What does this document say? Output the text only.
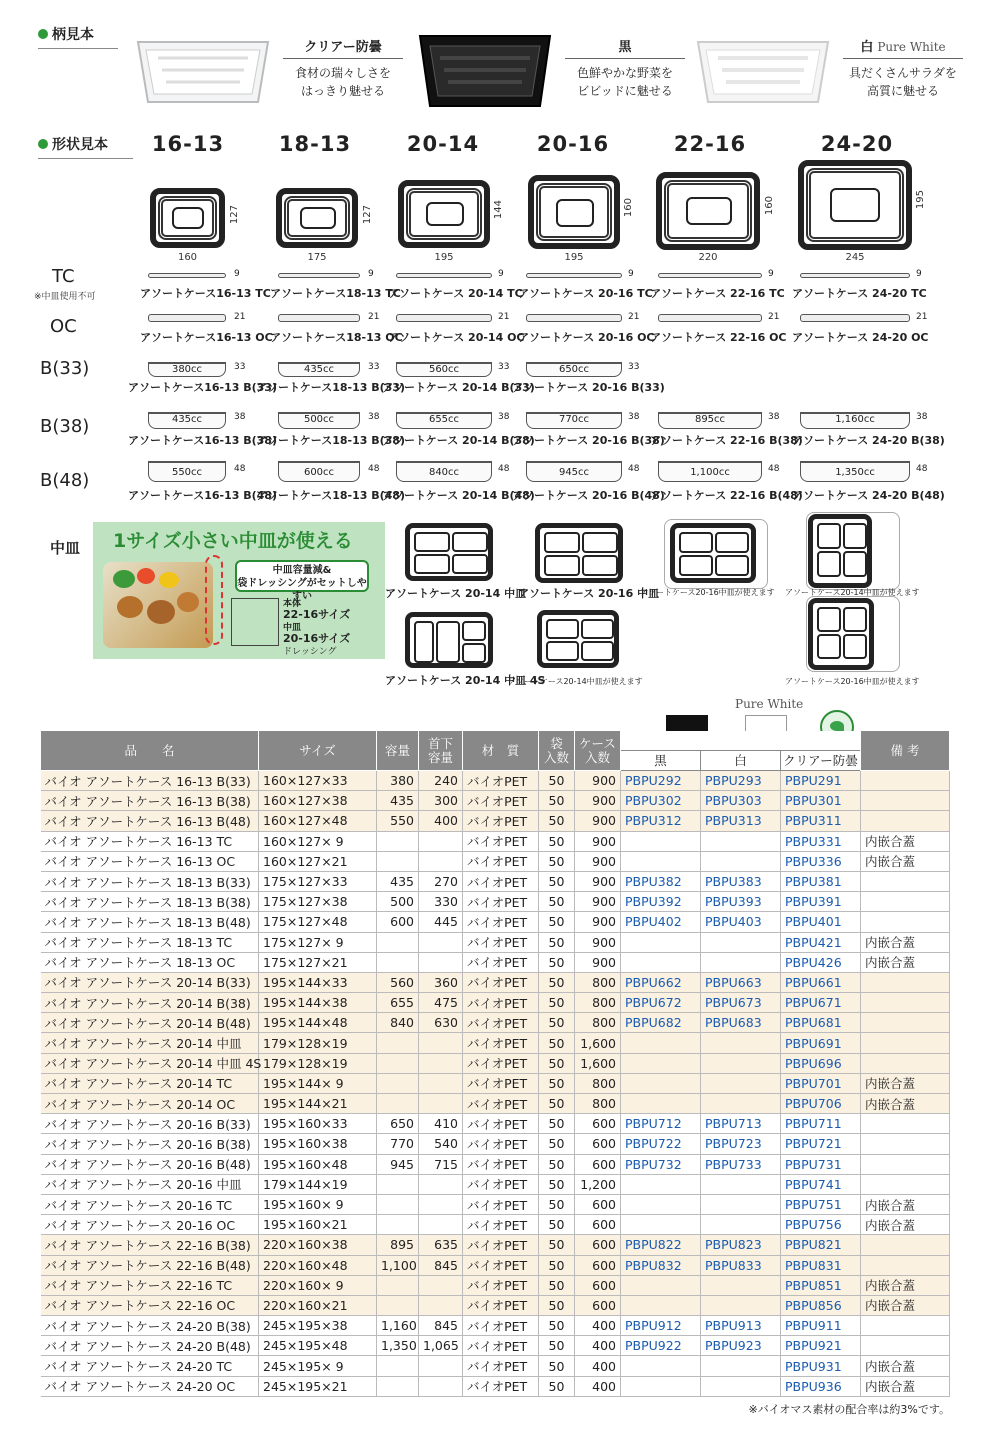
柄見本
形状見本
クリアー防曇
食材の瑞々しさを
はっきり魅せる
黒
色鮮やかな野菜を
ビビッドに魅せる
白 Pure White
具だくさんサラダを
高質に魅せる
16-13	18-13	20-14	20-16	22-16	24-20
160
127
175
127
195
144
195
160
220
160
245
195
TC
※中皿使用不可
OC
B(33)
B(38)
B(48)
9
アソートケース16-13 TC
9
アソートケース18-13 TC
9
アソートケース 20-14 TC
9
アソートケース 20-16 TC
9
アソートケース 22-16 TC
9
アソートケース 24-20 TC
21
アソートケース16-13 OC
21
アソートケース18-13 OC
21
アソートケース 20-14 OC
21
アソートケース 20-16 OC
21
アソートケース 22-16 OC
21
アソートケース 24-20 OC
380cc	33
アソートケース16-13 B(33)
435cc	33
アソートケース18-13 B(33)
560cc	33
アソートケース 20-14 B(33)
650cc	33
アソートケース 20-16 B(33)
435cc	38
アソートケース16-13 B(38)
500cc	38
アソートケース18-13 B(38)
655cc	38
アソートケース 20-14 B(38)
770cc	38
アソートケース 20-16 B(38)
895cc	38
アソートケース 22-16 B(38)
1,160cc	38
アソートケース 24-20 B(38)
550cc	48
アソートケース16-13 B(48)
600cc	48
アソートケース18-13 B(48)
840cc	48
アソートケース 20-14 B(48)
945cc	48
アソートケース 20-16 B(48)
1,100cc	48
アソートケース 22-16 B(48)
1,350cc	48
アソートケース 24-20 B(48)
中皿 1サイズ小さい中皿が使える
中皿容量減&
袋ドレッシングがセットしやすい
本体
22-16サイズ
中皿
20-16サイズ
ドレッシング
アソートケース 20-14 中皿
アソートケース 20-16 中皿
アソートケース20-16中皿が使えます アソートケース20-14中皿が使えます
アソートケース 20-14 中皿 4S
アソートケース20-14中皿が使えます	アソートケース20-16中皿が使えます
Pure White
品　　名	サイズ	容量	首下
容量	材　質	袋
入数	ケース
入数				備 考
							黒	白	クリアー防曇	
バイオ アソートケース 16-13 B(33)	160×127×33	380	240	バイオPET	50	900	PBPU292	PBPU293	PBPU291	
バイオ アソートケース 16-13 B(38)	160×127×38	435	300	バイオPET	50	900	PBPU302	PBPU303	PBPU301	
バイオ アソートケース 16-13 B(48)	160×127×48	550	400	バイオPET	50	900	PBPU312	PBPU313	PBPU311	
バイオ アソートケース 16-13 TC	160×127× 9			バイオPET	50	900			PBPU331	内嵌合蓋
バイオ アソートケース 16-13 OC	160×127×21			バイオPET	50	900			PBPU336	内嵌合蓋
バイオ アソートケース 18-13 B(33)	175×127×33	435	270	バイオPET	50	900	PBPU382	PBPU383	PBPU381	
バイオ アソートケース 18-13 B(38)	175×127×38	500	330	バイオPET	50	900	PBPU392	PBPU393	PBPU391	
バイオ アソートケース 18-13 B(48)	175×127×48	600	445	バイオPET	50	900	PBPU402	PBPU403	PBPU401	
バイオ アソートケース 18-13 TC	175×127× 9			バイオPET	50	900			PBPU421	内嵌合蓋
バイオ アソートケース 18-13 OC	175×127×21			バイオPET	50	900			PBPU426	内嵌合蓋
バイオ アソートケース 20-14 B(33)	195×144×33	560	360	バイオPET	50	800	PBPU662	PBPU663	PBPU661	
バイオ アソートケース 20-14 B(38)	195×144×38	655	475	バイオPET	50	800	PBPU672	PBPU673	PBPU671	
バイオ アソートケース 20-14 B(48)	195×144×48	840	630	バイオPET	50	800	PBPU682	PBPU683	PBPU681	
バイオ アソートケース 20-14 中皿	179×128×19			バイオPET	50	1,600			PBPU691	
バイオ アソートケース 20-14 中皿 4S	179×128×19			バイオPET	50	1,600			PBPU696	
バイオ アソートケース 20-14 TC	195×144× 9			バイオPET	50	800			PBPU701	内嵌合蓋
バイオ アソートケース 20-14 OC	195×144×21			バイオPET	50	800			PBPU706	内嵌合蓋
バイオ アソートケース 20-16 B(33)	195×160×33	650	410	バイオPET	50	600	PBPU712	PBPU713	PBPU711	
バイオ アソートケース 20-16 B(38)	195×160×38	770	540	バイオPET	50	600	PBPU722	PBPU723	PBPU721	
バイオ アソートケース 20-16 B(48)	195×160×48	945	715	バイオPET	50	600	PBPU732	PBPU733	PBPU731	
バイオ アソートケース 20-16 中皿	179×144×19			バイオPET	50	1,200			PBPU741	
バイオ アソートケース 20-16 TC	195×160× 9			バイオPET	50	600			PBPU751	内嵌合蓋
バイオ アソートケース 20-16 OC	195×160×21			バイオPET	50	600			PBPU756	内嵌合蓋
バイオ アソートケース 22-16 B(38)	220×160×38	895	635	バイオPET	50	600	PBPU822	PBPU823	PBPU821	
バイオ アソートケース 22-16 B(48)	220×160×48	1,100	845	バイオPET	50	600	PBPU832	PBPU833	PBPU831	
バイオ アソートケース 22-16 TC	220×160× 9			バイオPET	50	600			PBPU851	内嵌合蓋
バイオ アソートケース 22-16 OC	220×160×21			バイオPET	50	600			PBPU856	内嵌合蓋
バイオ アソートケース 24-20 B(38)	245×195×38	1,160	845	バイオPET	50	400	PBPU912	PBPU913	PBPU911	
バイオ アソートケース 24-20 B(48)	245×195×48	1,350	1,065	バイオPET	50	400	PBPU922	PBPU923	PBPU921	
バイオ アソートケース 24-20 TC	245×195× 9			バイオPET	50	400			PBPU931	内嵌合蓋
バイオ アソートケース 24-20 OC	245×195×21			バイオPET	50	400			PBPU936	内嵌合蓋
※バイオマス素材の配合率は約3%です。
